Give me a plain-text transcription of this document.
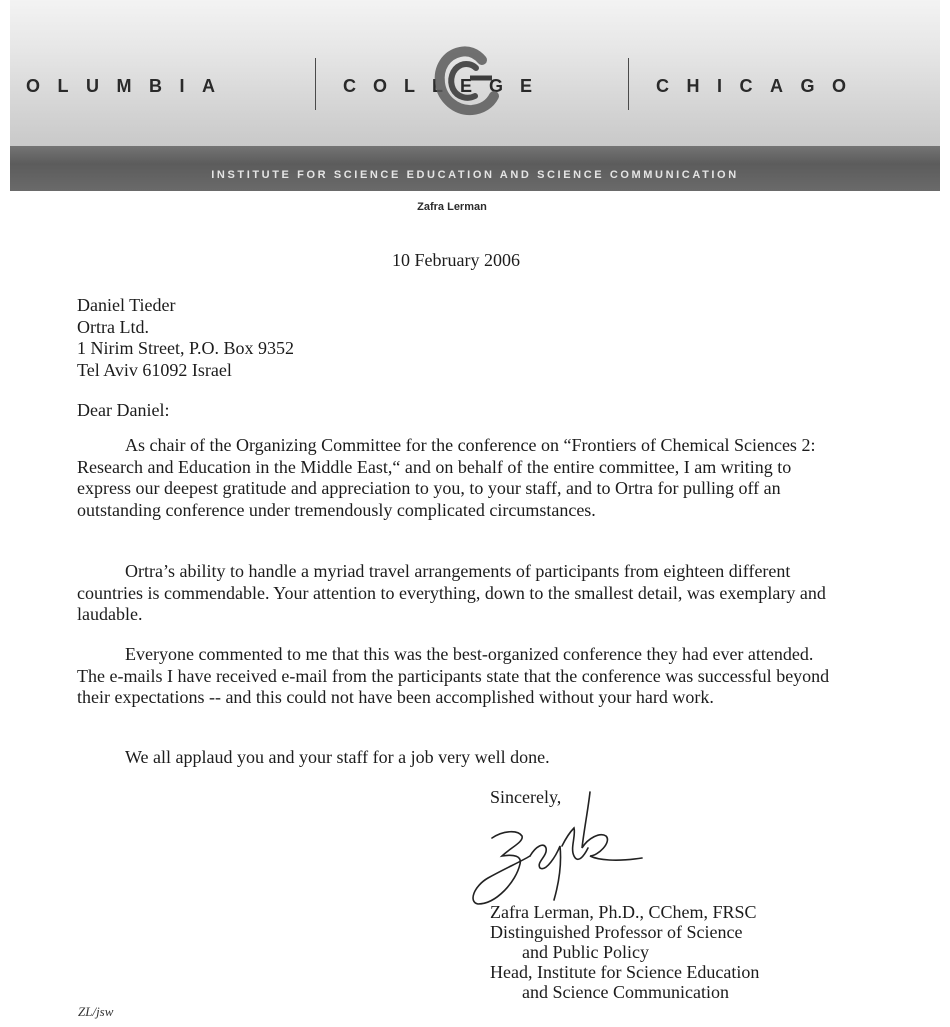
OLUMBIA	COLLEGE	CHICAGO
INSTITUTE FOR SCIENCE EDUCATION AND SCIENCE COMMUNICATION
Zafra Lerman
10 February 2006
Daniel Tieder
Ortra Ltd.
1 Nirim Street, P.O. Box 9352
Tel Aviv 61092 Israel
Dear Daniel:

As chair of the Organizing Committee for the conference on “Frontiers of Chemical Sciences 2: Research and Education in the Middle East,“ and on behalf of the entire committee, I am writing to express our deepest gratitude and appreciation to you, to your staff, and to Ortra for pulling off an outstanding conference under tremendously complicated circumstances.

Ortra’s ability to handle a myriad travel arrangements of participants from eighteen different countries is commendable. Your attention to everything, down to the smallest detail, was exemplary and laudable.

Everyone commented to me that this was the best-organized conference they had ever attended. The e-mails I have received e-mail from the participants state that the conference was successful beyond their expectations -- and this could not have been accomplished without your hard work.

We all applaud you and your staff for a job very well done.

Sincerely,
Zafra Lerman, Ph.D., CChem, FRSC
Distinguished Professor of Science
and Public Policy
Head, Institute for Science Education
and Science Communication
ZL/jsw
